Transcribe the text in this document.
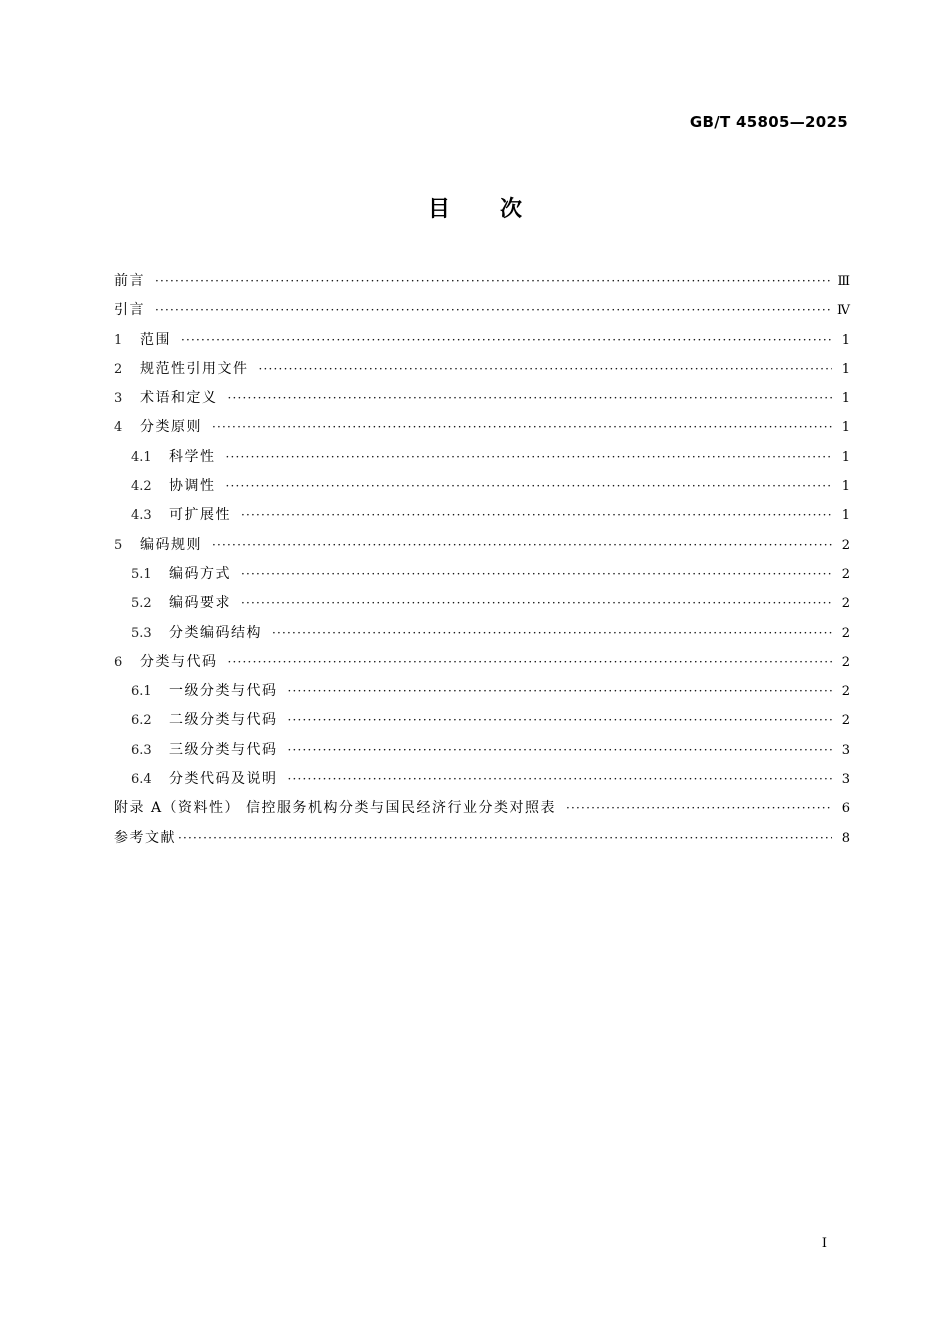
GB/T 45805—2025
目次
前言 ·····	Ⅲ
引言 ·····	Ⅳ
1	范围 ·····	1
2	规范性引用文件 ·····	1
3	术语和定义 ·····	1
4	分类原则 ·····	1
4.1	科学性 ·····	1
4.2	协调性 ·····	1
4.3	可扩展性 ·····	1
5	编码规则 ·····	2
5.1	编码方式 ·····	2
5.2	编码要求 ·····	2
5.3	分类编码结构 ·····	2
6	分类与代码 ·····	2
6.1	一级分类与代码 ·····	2
6.2	二级分类与代码 ·····	2
6.3	三级分类与代码 ·····	3
6.4	分类代码及说明 ·····	3
附录 A（资料性） 信控服务机构分类与国民经济行业分类对照表 ·····	6
参考文献 ·····	8
I
